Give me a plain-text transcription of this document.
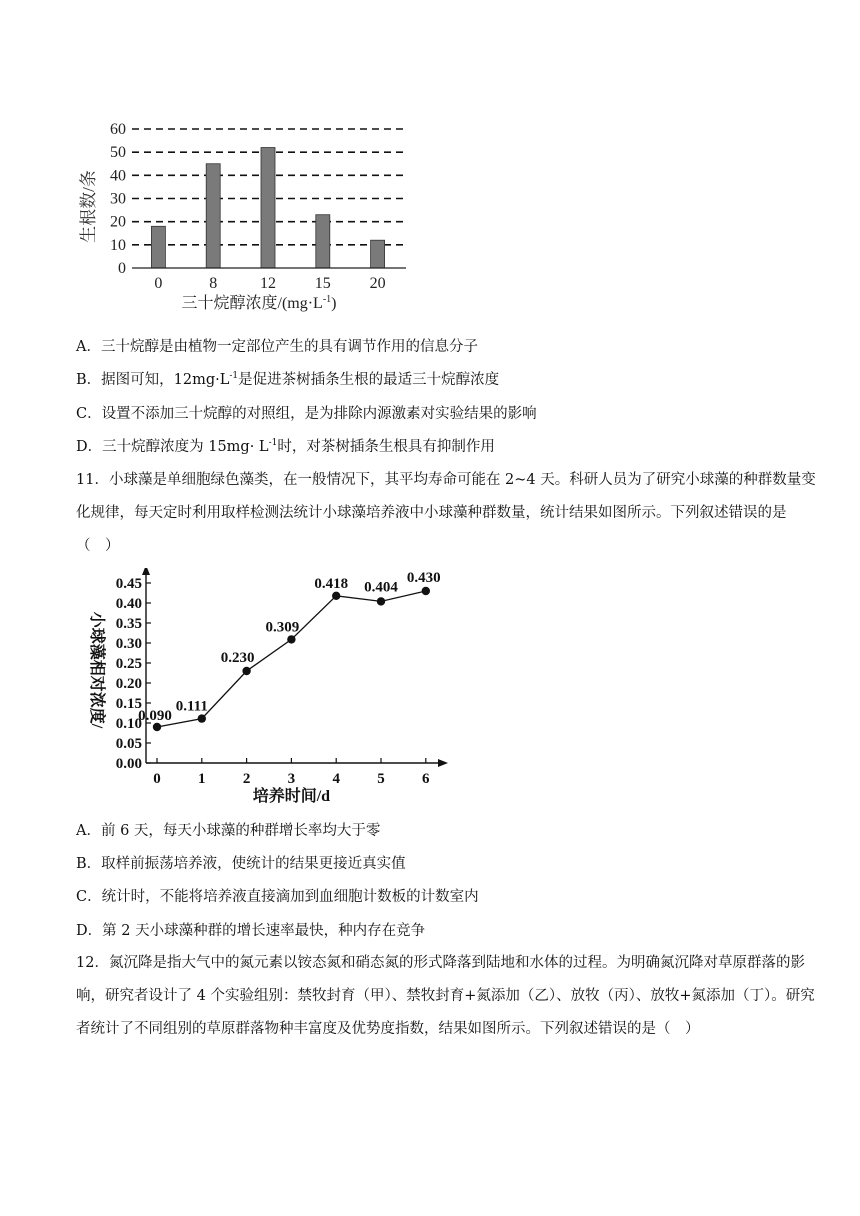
0
10
20
30
40
50
60
0	8	12 15 20
生根数/条
三十烷醇浓度$/(mg\cdot L^{-1})$
A．三十烷醇是由植物一定部位产生的具有调节作用的信息分子
B．据图可知，$12mg\cdot L^{-1}$是促进茶树插条生根的最适三十烷醇浓度
C．设置不添加三十烷醇的对照组，是为排除内源激素对实验结果的影响
D．三十烷醇浓度为 $15mg\cdot L^{-1}$时，对茶树插条生根具有抑制作用
11．小球藻是单细胞绿色藻类，在一般情况下，其平均寿命可能在 2~4 天。科研人员为了研究小球藻的种群数量变化规律，每天定时利用取样检测法统计小球藻培养液中小球藻种群数量，统计结果如图所示。下列叙述错误的是（　）
0.00
0.05
0.10
0.15
0.20
0.25
0.30
0.35
0.40
0.45
0 1 2 3 4 5 6
0.090
0.111
0.230
0.309
0.418 0.404
0.430
小球藻相对浓度/
培养时间/d
A．前 6 天，每天小球藻的种群增长率均大于零
B．取样前振荡培养液，使统计的结果更接近真实值
C．统计时，不能将培养液直接滴加到血细胞计数板的计数室内
D．第 2 天小球藻种群的增长速率最快，种内存在竞争
12．氮沉降是指大气中的氮元素以铵态氮和硝态氮的形式降落到陆地和水体的过程。为明确氮沉降对草原群落的影响，研究者设计了 4 个实验组别：禁牧封育（甲）、禁牧封育+氮添加（乙）、放牧（丙）、放牧+氮添加（丁）。研究者统计了不同组别的草原群落物种丰富度及优势度指数，结果如图所示。下列叙述错误的是（　）
